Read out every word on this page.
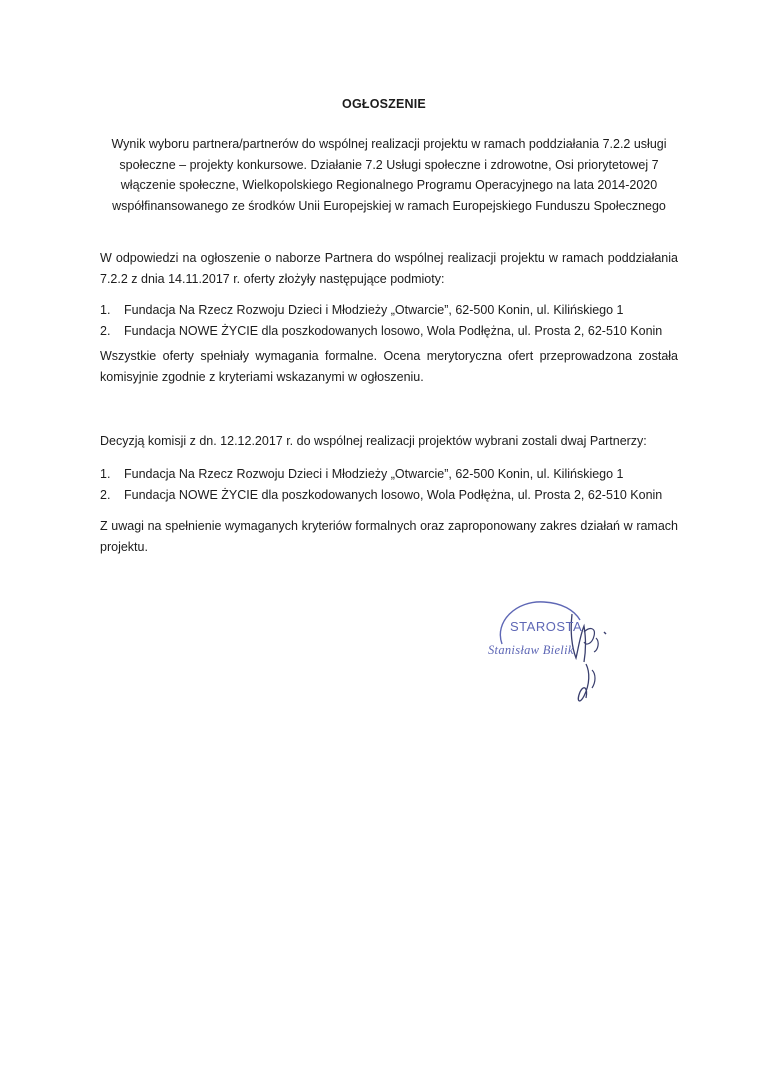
OGŁOSZENIE
Wynik wyboru partnera/partnerów do wspólnej realizacji projektu w ramach poddziałania 7.2.2 usługi społeczne – projekty konkursowe. Działanie 7.2 Usługi społeczne i zdrowotne, Osi priorytetowej 7 włączenie społeczne, Wielkopolskiego Regionalnego Programu Operacyjnego na lata 2014-2020 współfinansowanego ze środków Unii Europejskiej w ramach Europejskiego Funduszu Społecznego
W odpowiedzi na ogłoszenie o naborze Partnera do wspólnej realizacji projektu w ramach poddziałania 7.2.2 z dnia 14.11.2017 r. oferty złożyły następujące podmioty:
1. Fundacja Na Rzecz Rozwoju Dzieci i Młodzieży „Otwarcie”, 62-500 Konin, ul. Kilińskiego 1
2. Fundacja NOWE ŻYCIE dla poszkodowanych losowo, Wola Podłężna, ul. Prosta 2, 62-510 Konin
Wszystkie oferty spełniały wymagania formalne. Ocena merytoryczna ofert przeprowadzona została komisyjnie zgodnie z kryteriami wskazanymi w ogłoszeniu.
Decyzją komisji z dn. 12.12.2017 r. do wspólnej realizacji projektów wybrani zostali dwaj Partnerzy:
1. Fundacja Na Rzecz Rozwoju Dzieci i Młodzieży „Otwarcie”, 62-500 Konin, ul. Kilińskiego 1
2. Fundacja NOWE ŻYCIE dla poszkodowanych losowo, Wola Podłężna, ul. Prosta 2, 62-510 Konin
Z uwagi na spełnienie wymaganych kryteriów formalnych oraz zaproponowany zakres działań w ramach projektu.
STAROSTA
Stanisław Bielik
